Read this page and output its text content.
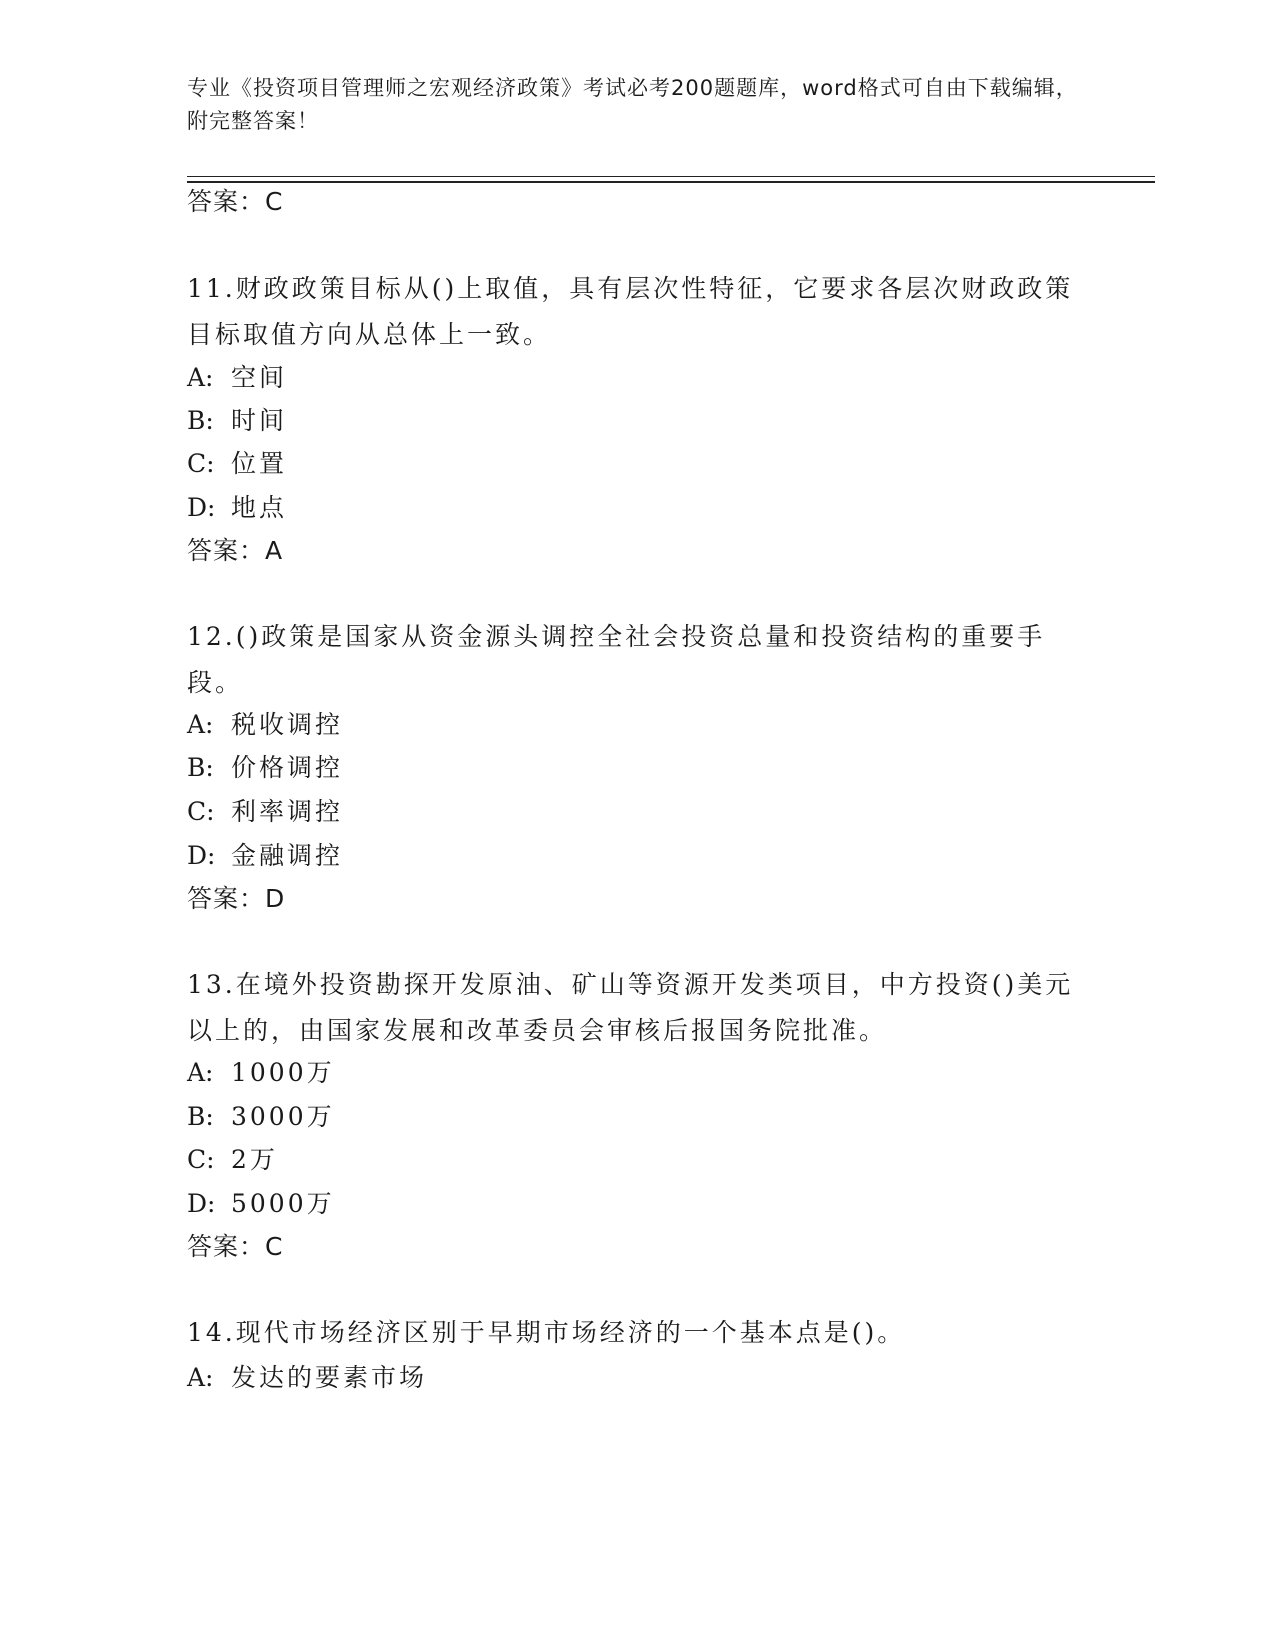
专业《投资项目管理师之宏观经济政策》考试必考200题题库，word格式可自由下载编辑，附完整答案！
答案：C
11.财政政策目标从()上取值，具有层次性特征，它要求各层次财政政策目标取值方向从总体上一致。
A: 空间
B: 时间
C: 位置
D: 地点
答案：A
12.()政策是国家从资金源头调控全社会投资总量和投资结构的重要手段。
A: 税收调控
B: 价格调控
C: 利率调控
D: 金融调控
答案：D
13.在境外投资勘探开发原油、矿山等资源开发类项目，中方投资()美元以上的，由国家发展和改革委员会审核后报国务院批准。
A: 1000万
B: 3000万
C: 2万
D: 5000万
答案：C
14.现代市场经济区别于早期市场经济的一个基本点是()。
A: 发达的要素市场
